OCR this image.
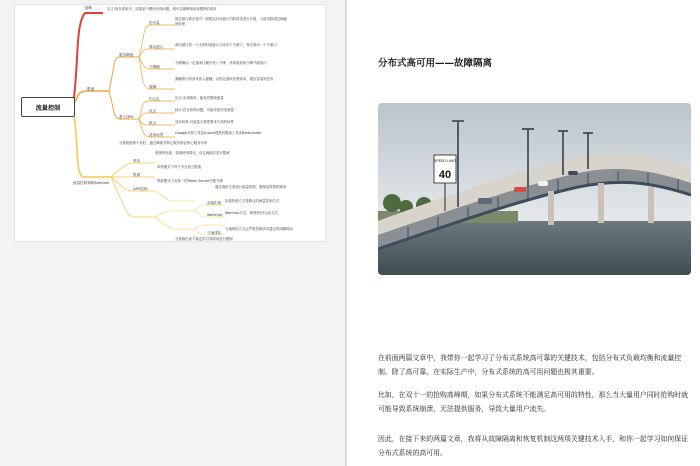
流量控制
熔断
流量控制策略Sentinel
限流
服务降级
基于QPS
信号量
滑动窗口
令牌桶
漏桶
中心化
优点
缺点
适用场景
单机
集群
QPS控制
直接拒绝
WarmUp
匀速排队
定义:指在系统中，如果某个模块出现问题，则可以熔断调用该模块的请求
固定窗口算法是对一段固定时间窗口内的请求进行计数，当请求数超过阈值则拒绝
滑动窗口将一个大的时间窗口分成多个小窗口，每次滑动一个小窗口
令牌桶以一定速率往桶中放入令牌，请求需获取令牌才能执行
漏桶算法将请求放入漏桶，以固定速率处理请求，超出容量则丢弃
优点:实现简单，能有效限制流量
缺点:存在临界问题，可能导致突发流量
适用场景:对流量平滑度要求不高的场景
Google开源工具包Guava提供的限流工具类RateLimiter
当系统资源不足时，通过降级非核心服务保证核心服务可用
系统的负载、资源使用情况，设定阈值后进行限流
直接拒绝方式是默认的流量控制方式
WarmUp方式，即预热/冷启动方式
匀速排队方式会严格控制请求通过的间隔时间
单机模式下每个节点独立限流
集群模式下由统一的Token Server分配令牌
通过调用关系进行流量控制，限制某资源的调用
当资源出现不稳定时对其调用进行限制
分布式高可用——故障隔离
SPEED LIMIT
40

在前面两篇文章中，我带你一起学习了分布式系统高可靠的关键技术，包括分布式负载均衡和流量控制。除了高可靠，在实际生产中，分布式系统的高可用问题也极其重要。

比如，在双十一的抢购高峰期，如果分布式系统不能满足高可用的特性，那么当大量用户同时抢购时就可能导致系统崩溃，无法提供服务，导致大量用户流失。

因此，在接下来的两篇文章，我将从故障隔离和恢复机制这两项关键技术入手，和你一起学习如何保证分布式系统的高可用。
